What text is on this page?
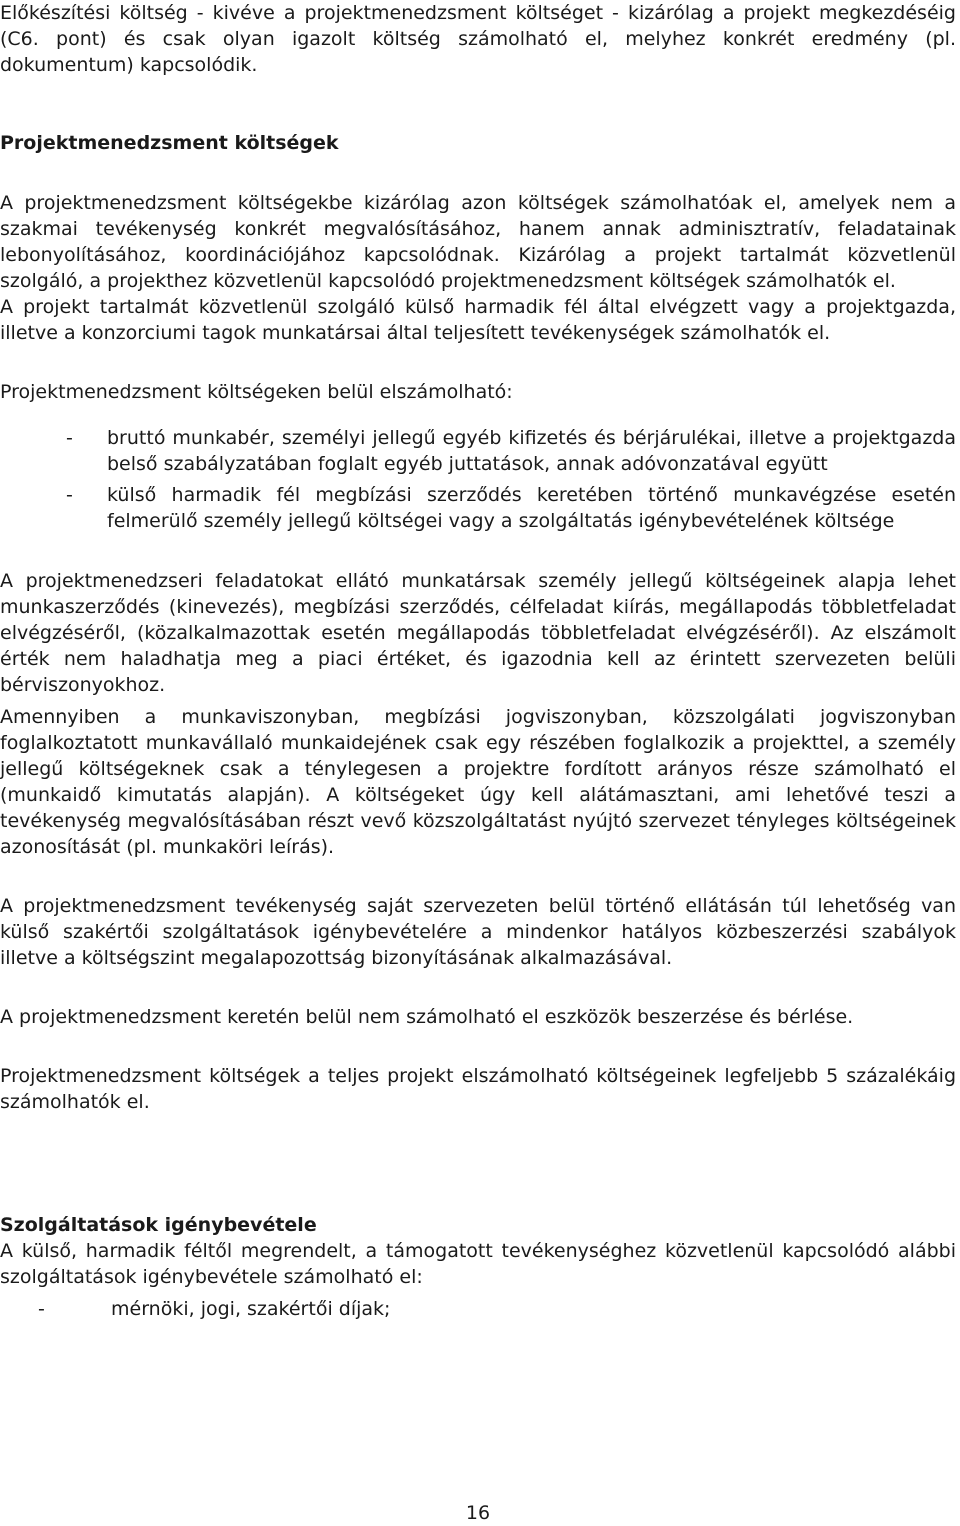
Előkészítési költség - kivéve a projektmenedzsment költséget - kizárólag a projekt megkezdéséig (C6. pont) és csak olyan igazolt költség számolható el, melyhez konkrét eredmény (pl. dokumentum) kapcsolódik.

Projektmenedzsment költségek

A projektmenedzsment költségekbe kizárólag azon költségek számolhatóak el, amelyek nem a szakmai tevékenység konkrét megvalósításához, hanem annak adminisztratív, feladatainak lebonyolításához, koordinációjához kapcsolódnak. Kizárólag a projekt tartalmát közvetlenül szolgáló, a projekthez közvetlenül kapcsolódó projektmenedzsment költségek számolhatók el.

A projekt tartalmát közvetlenül szolgáló külső harmadik fél által elvégzett vagy a projektgazda, illetve a konzorciumi tagok munkatársai által teljesített tevékenységek számolhatók el.

Projektmenedzsment költségeken belül elszámolható:

- bruttó munkabér, személyi jellegű egyéb kifizetés és bérjárulékai, illetve a projektgazda belső szabályzatában foglalt egyéb juttatások, annak adóvonzatával együtt
- külső harmadik fél megbízási szerződés keretében történő munkavégzése esetén felmerülő személy jellegű költségei vagy a szolgáltatás igénybevételének költsége

A projektmenedzseri feladatokat ellátó munkatársak személy jellegű költségeinek alapja lehet munkaszerződés (kinevezés), megbízási szerződés, célfeladat kiírás, megállapodás többletfeladat elvégzéséről, (közalkalmazottak esetén megállapodás többletfeladat elvégzéséről). Az elszámolt érték nem haladhatja meg a piaci értéket, és igazodnia kell az érintett szervezeten belüli bérviszonyokhoz.

Amennyiben a munkaviszonyban, megbízási jogviszonyban, közszolgálati jogviszonyban foglalkoztatott munkavállaló munkaidejének csak egy részében foglalkozik a projekttel, a személy jellegű költségeknek csak a ténylegesen a projektre fordított arányos része számolható el (munkaidő kimutatás alapján). A költségeket úgy kell alátámasztani, ami lehetővé teszi a tevékenység megvalósításában részt vevő közszolgáltatást nyújtó szervezet tényleges költségeinek azonosítását (pl. munkaköri leírás).

A projektmenedzsment tevékenység saját szervezeten belül történő ellátásán túl lehetőség van külső szakértői szolgáltatások igénybevételére a mindenkor hatályos közbeszerzési szabályok illetve a költségszint megalapozottság bizonyításának alkalmazásával.

A projektmenedzsment keretén belül nem számolható el eszközök beszerzése és bérlése.

Projektmenedzsment költségek a teljes projekt elszámolható költségeinek legfeljebb 5 százalékáig számolhatók el.

Szolgáltatások igénybevétele

A külső, harmadik féltől megrendelt, a támogatott tevékenységhez közvetlenül kapcsolódó alábbi szolgáltatások igénybevétele számolható el:

-	mérnöki, jogi, szakértői díjak;
16
